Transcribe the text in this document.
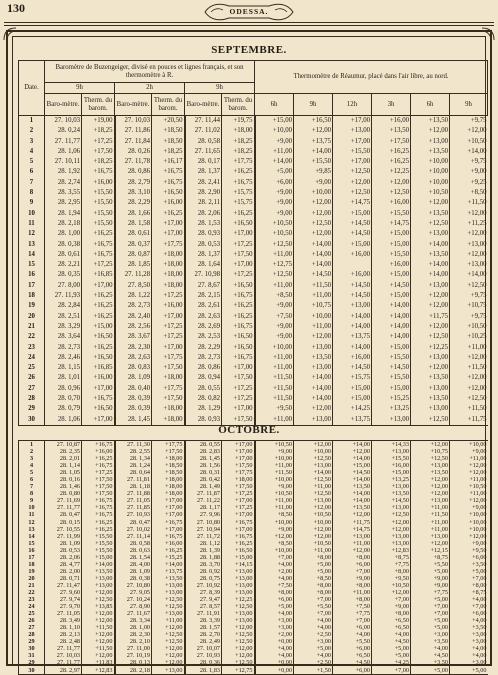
130	ODESSA.
SEPTEMBRE.
Date.	Baromètre de Buzengeiger, divisé en pouces et lignes français, et son thermomètre à R.						Thermomètre de Réaumur, placé dans l'air libre, au nord.					
	9h		2h		9h							
	Baro-mètre.	Therm. du barom.	Baro-mètre.	Therm. du barom.	Baro-mètre.	Therm. du barom.	6h	9h	12h	3h	6h	9h
1	27. 10,03	+19,00	27. 10,03	+20,50	27. 11,44	+19,75	+15,00	+16,50	+17,00	+16,00	+13,50	+9,75
2	28. 0,24	+18,25	27. 11,86	+18,50	27. 11,02	+18,00	+10,00	+12,00	+13,00	+13,50	+12,00	+12,00
3	27. 11,77	+17,25	27. 11,84	+18,50	28. 0,58	+18,25	+9,00	+13,75	+17,00	+17,50	+13,00	+10,50
4	28. 1,06	+17,50	28. 0,26	+18,25	27. 11,65	+18,25	+11,00	+14,00	+15,50	+16,25	+13,50	+14,00
5	27. 10,11	+18,25	27. 11,78	+16,17	28. 0,17	+17,75	+14,00	+15,50	+17,00	+16,25	+10,00	+9,75
6	28. 1,92	+16,75	28. 0,86	+16,75	28. 1,37	+16,25	+5,00	+9,85	+12,50	+12,25	+10,00	+9,00
7	28. 2,74	+16,00	28. 2,79	+16,75	28. 2,41	+16,75	+6,00	+9,00	+12,00	+12,00	+10,00	+9,25
8	28. 3,55	+15,50	28. 3,10	+16,50	28. 2,90	+15,75	+9,00	+10,00	+12,50	+12,50	+10,50	+8,50
9	28. 2,95	+15,50	28. 2,29	+16,00	28. 2,11	+15,75	+9,00	+12,00	+14,75	+16,00	+12,00	+11,50
10	28. 1,94	+15,50	28. 1,66	+16,25	28. 2,06	+16,25	+9,00	+12,00	+15,00	+15,50	+13,50	+12,00
11	28. 2,18	+15,50	28. 1,58	+17,00	28. 1,53	+16,50	+10,50	+12,50	+14,50	+14,75	+12,50	+11,25
12	28. 1,00	+16,25	28. 0,61	+17,00	28. 0,93	+17,00	+10,50	+12,00	+14,50	+15,00	+13,00	+12,00
13	28. 0,38	+16,75	28. 0,37	+17,75	28. 0,53	+17,25	+12,50	+14,00	+15,00	+15,00	+14,00	+13,00
14	28. 0,61	+16,75	28. 0,87	+18,00	28. 1,37	+17,50	+11,00	+14,00	+16,00	+15,50	+13,50	+12,00
15	28. 2,21	+17,25	28. 1,85	+18,00	28. 1,64	+17,00	+12,75	+14,00		+16,00	+14,00	+13,00
16	28. 0,35	+16,85	27. 11,28	+18,00	27. 10,98	+17,25	+12,50	+14,50	+16,00	+15,00	+14,00	+14,00
17	27. 8,00	+17,00	27. 8,50	+18,00	27. 8,67	+16,50	+11,00	+11,50	+14,50	+14,50	+13,00	+12,50
18	27. 11,93	+16,25	28. 1,22	+17,25	28. 2,15	+16,75	+8,50	+11,00	+14,50	+15,00	+12,00	+9,75
19	28. 2,84	+16,25	28. 2,73	+16,00	28. 2,61	+16,25	+9,00	+10,75	+13,00	+14,00	+12,00	+10,75
20	28. 2,51	+16,25	28. 2,40	+17,00	28. 2,63	+16,25	+7,50	+10,00	+14,00	+14,00	+11,75	+9,75
21	28. 3,29	+15,00	28. 2,56	+17,25	28. 2,69	+16,75	+9,00	+11,00	+14,00	+14,00	+12,00	+10,50
22	28. 3,64	+16,50	28. 3,67	+17,25	28. 2,53	+16,50	+9,00	+12,00	+13,75	+14,00	+12,50	+10,25
23	28. 2,73	+16,25	28. 2,30	+17,00	28. 2,29	+16,50	+10,00	+13,00	+14,00	+15,00	+12,25	+11,00
24	28. 2,46	+16,50	28. 2,63	+17,75	28. 2,73	+16,75	+11,00	+13,50	+16,00	+15,50	+13,00	+12,00
25	28. 1,15	+16,85	28. 0,83	+17,50	28. 0,86	+17,00	+11,00	+13,00	+14,50	+14,50	+12,00	+11,50
26	28. 1,01	+16,00	28. 1,09	+18,00	28. 0,94	+17,50	+11,50	+14,00	+15,75	+15,50	+13,50	+12,00
27	28. 0,96	+17,00	28. 0,40	+17,75	28. 0,55	+17,25	+11,50	+14,00	+15,00	+15,00	+13,00	+12,00
28	28. 0,70	+16,75	28. 0,39	+17,50	28. 0,82	+17,25	+11,50	+14,00	+15,00	+15,25	+13,50	+12,50
29	28. 0,79	+16,50	28. 0,39	+18,00	28. 1,29	+17,00	+9,50	+12,00	+14,25	+13,25	+13,00	+11,50
30	28. 1,06	+17,00	28. 1,45	+18,00	28. 0,93	+17,50	+11,00	+13,00	+13,75	+13,00	+12,50	+11,75
OCTOBRE.
1	27. 10,87	+16,75	27. 11,30	+17,75	28. 0,55	+17,00	+10,50	+12,00	+14,00	+14,33	+12,00	+10,00
2	28. 2,35	+16,00	28. 2,55	+17,50	28. 2,83	+17,00	+9,00	+10,00	+12,00	+13,00	+10,75	+9,00
3	28. 2,01	+16,25	28. 1,34	+18,00	28. 1,45	+17,00	+10,00	+12,50	+14,00	+15,50	+12,50	+11,00
4	28. 1,14	+16,75	28. 1,24	+18,50	28. 1,56	+17,50	+11,00	+13,00	+15,00	+16,00	+13,00	+12,00
5	28. 1,05	+17,25	28. 0,64	+18,50	28. 0,31	+17,75	+11,50	+14,00	+14,50	+15,00	+13,50	+12,00
6	28. 0,16	+17,50	27. 11,81	+18,00	28. 0,42	+18,00	+10,00	+12,50	+14,00	+13,25	+12,00	+11,00
7	28. 1,46	+17,50	28. 1,18	+18,00	28. 1,49	+17,50	+9,00	+11,00	+13,50	+13,00	+12,00	+10,50
8	28. 0,80	+17,50	27. 11,88	+18,00	27. 11,87	+17,25	+10,50	+12,50	+14,00	+13,50	+12,00	+11,00
9	27. 11,69	+16,75	27. 11,05	+17,00	27. 11,22	+17,00	+11,00	+13,00	+14,00	+14,50	+13,00	+12,00
10	27. 11,77	+16,75	27. 11,85	+17,00	28. 1,17	+17,25	+11,00	+12,00	+13,50	+13,00	+11,00	+9,00
11	28. 0,47	+16,75	27. 10,93	+17,00	27. 9,96	+17,00	+8,50	+10,50	+12,00	+12,50	+11,50	+10,00
12	28. 0,15	+16,25	28. 0,47	+16,75	27. 10,80	+16,75	+10,00	+10,00	+11,75	+12,00	+11,00	+10,00
13	27. 10,55	+16,25	27. 10,02	+17,00	27. 10,94	+17,00	+9,00	+12,00	+14,75	+12,00	+11,00	+10,00
14	27. 11,99	+15,50	27. 11,14	+16,75	27. 11,72	+16,75	+12,00	+12,00	+13,00	+13,00	+13,00	+12,00
15	28. 1,09	+15,50	28. 0,58	+16,00	28. 1,12	+16,25	+8,50	+10,50	+11,00	+13,00	+12,00	+9,00
16	28. 0,53	+15,50	28. 0,63	+16,25	28. 1,39	+16,50	+10,00	+11,00	+12,00	+12,83	+12,15	+9,50
17	28. 2,06	+15,00	28. 1,54	+15,25	28. 1,88	+15,00	+7,00	+8,00	+8,00	+8,75	+8,75	+6,00
18	28. 4,77	+14,00	28. 4,00	+14,00	28. 3,70	+14,15	+4,00	+5,00	+6,00	+7,75	+5,50	+3,50
19	28. 2,00	+13,50	28. 1,09	+13,75	28. 0,92	+13,00	+2,00	+5,00	+7,00	+8,00	+5,00	+5,00
20	28. 0,71	+13,00	28. 0,38	+13,50	28. 0,75	+13,00	+4,00	+8,50	+9,00	+9,50	+9,00	+7,00
21	27. 11,47	+13,00	27. 10,80	+13,00	27. 10,92	+13,00	+7,50	+8,00	+8,00	+10,50	+9,00	+8,00
22	27. 9,60	+12,00	27. 9,05	+13,00	27. 8,39	+13,00	+8,00	+8,00	+11,00	+12,00	+7,75	+8,75
23	27. 9,74	+12,50	27. 10,24	+12,50	27. 9,47	+12,25	+6,00	+7,00	+8,00	+7,00	+5,00	+4,00
24	27. 9,70	+13,85	27. 8,90	+12,50	27. 8,57	+12,50	+5,00	+5,50	+7,50	+9,00	+7,00	+7,00
25	27. 11,05	+12,00	27. 11,67	+13,00	27. 11,91	+13,00	+4,00	+7,00	+7,75	+8,00	+7,00	+6,00
26	28. 3,49	+12,00	28. 3,34	+11,00	28. 3,39	+13,00	+3,00	+4,00	+7,00	+6,50	+5,00	+4,00
27	28. 1,10	+11,50	28. 1,00	+12,00	28. 1,57	+12,00	+3,00	+4,00	+6,00	+6,50	+5,00	+3,50
28	28. 2,13	+12,00	28. 2,30	+12,50	28. 2,70	+12,50	+2,00	+2,50	+4,00	+4,00	+3,00	+3,00
29	28. 2,48	+12,00	28. 2,10	+12,50	28. 2,49	+12,50	+0,00	+3,00	+5,50	+4,50	+3,50	+3,00
30	27. 11,77	+11,50	27. 11,00	+12,00	27. 10,07	+12,00	+4,00	+5,00	+6,00	+5,00	+4,00	+4,00
31	27. 10,03	+12,00	27. 10,19	+12,00	27. 10,93	+12,00	+4,00	+4,00	+6,50	+5,00	+4,50	+4,00
29	27. 11,77	+11,83	28. 0,13	+12,00	28. 0,36	+12,50	+0,00	+2,50	+4,50	+4,25	+3,50	+3,00
30	28. 2,97	+12,83	28. 2,18	+13,00	28. 1,83	+12,75	+0,00	+1,50	+6,00	+7,00	+5,00	+5,00
